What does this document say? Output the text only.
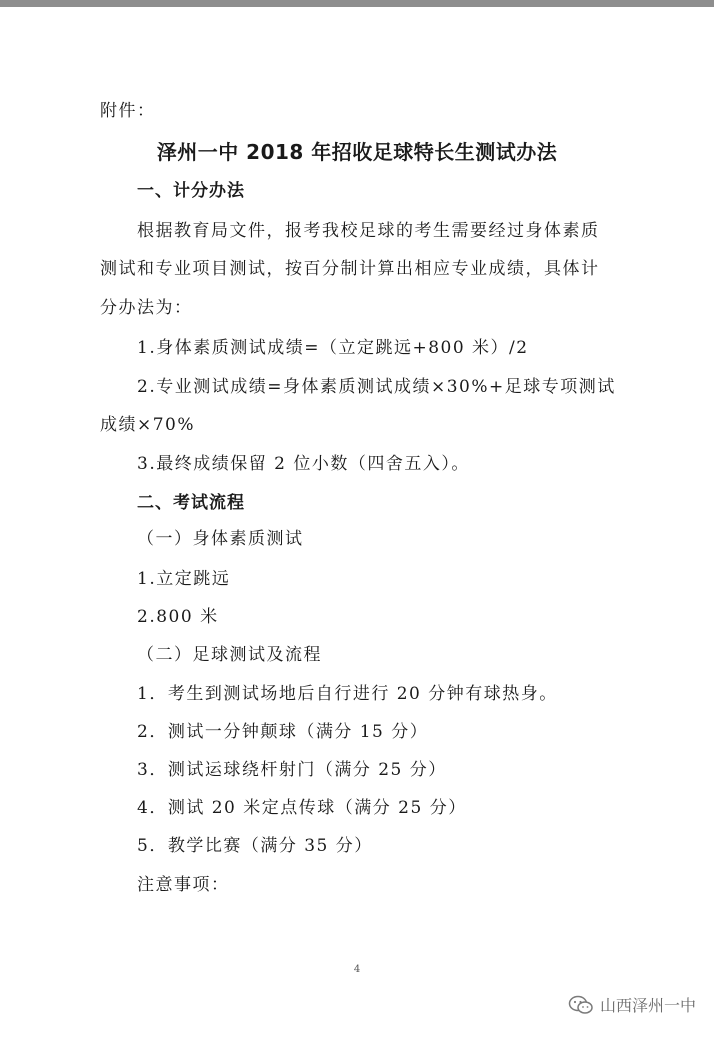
附件：
泽州一中 2018 年招收足球特长生测试办法
一、计分办法
根据教育局文件，报考我校足球的考生需要经过身体素质
测试和专业项目测试，按百分制计算出相应专业成绩，具体计
分办法为：
1.身体素质测试成绩=（立定跳远+800 米）/2
2.专业测试成绩=身体素质测试成绩×30%+足球专项测试
成绩×70%
3.最终成绩保留 2 位小数（四舍五入）。
二、考试流程
（一）身体素质测试
1.立定跳远
2.800 米
（二）足球测试及流程
1．考生到测试场地后自行进行 20 分钟有球热身。
2．测试一分钟颠球（满分 15 分）
3．测试运球绕杆射门（满分 25 分）
4．测试 20 米定点传球（满分 25 分）
5．教学比赛（满分 35 分）
注意事项：
4
山西泽州一中
